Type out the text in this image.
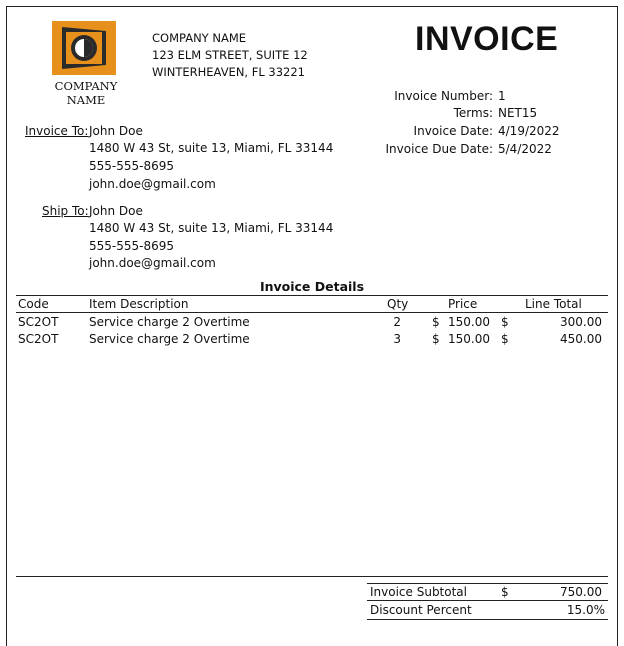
COMPANY NAME
COMPANY NAME
123 ELM STREET, SUITE 12
WINTERHEAVEN, FL 33221
INVOICE
Invoice Number: 1
Terms: NET15
Invoice Date: 4/19/2022
Invoice Due Date: 5/4/2022
Invoice To: John Doe
1480 W 43 St, suite 13, Miami, FL 33144
555-555-8695
john.doe@gmail.com
Ship To: John Doe
1480 W 43 St, suite 13, Miami, FL 33144
555-555-8695
john.doe@gmail.com
Invoice Details
Code	Item Description	Qty	Price	Line Total
SC2OT	Service charge 2 Overtime	2	$ 150.00 $	300.00
SC2OT	Service charge 2 Overtime	3	$ 150.00 $	450.00
Invoice Subtotal	$	750.00
Discount Percent	15.0%
